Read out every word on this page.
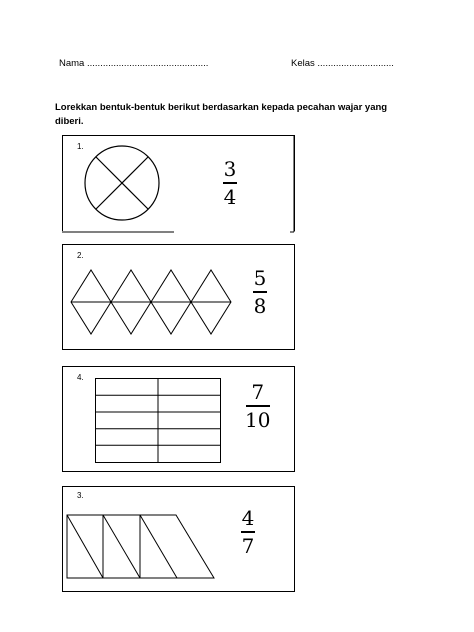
Nama ..............................................	Kelas .............................
Lorekkan bentuk-bentuk berikut berdasarkan kepada pecahan wajar yang diberi.
1.
3
4
2.
5
8
4.
7
10
3.
4
7
